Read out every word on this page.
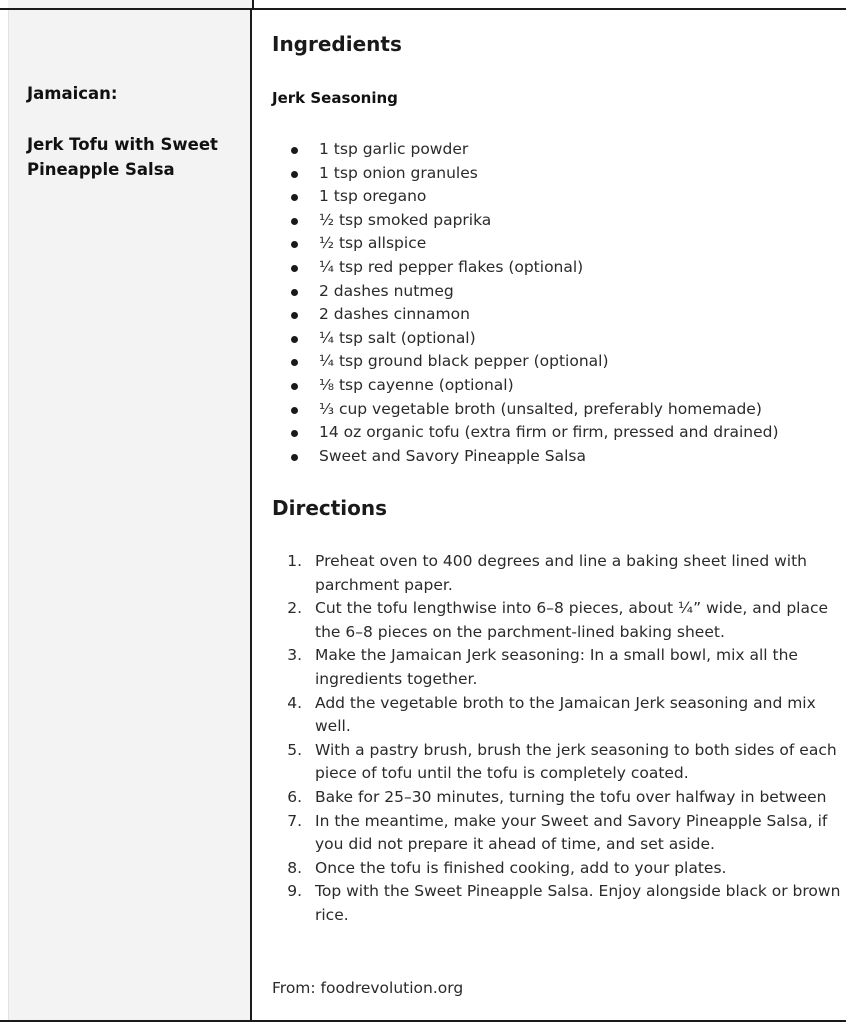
Jamaican:
Jerk Tofu with Sweet Pineapple Salsa
Ingredients
Jerk Seasoning
1 tsp garlic powder
1 tsp onion granules
1 tsp oregano
½ tsp smoked paprika
½ tsp allspice
¼ tsp red pepper flakes (optional)
2 dashes nutmeg
2 dashes cinnamon
¼ tsp salt (optional)
¼ tsp ground black pepper (optional)
⅛ tsp cayenne (optional)
⅓ cup vegetable broth (unsalted, preferably homemade)
14 oz organic tofu (extra firm or firm, pressed and drained)
Sweet and Savory Pineapple Salsa
Directions
1. Preheat oven to 400 degrees and line a baking sheet lined with parchment paper.
2. Cut the tofu lengthwise into 6–8 pieces, about ¼” wide, and place the 6–8 pieces on the parchment-lined baking sheet.
3. Make the Jamaican Jerk seasoning: In a small bowl, mix all the ingredients together.
4. Add the vegetable broth to the Jamaican Jerk seasoning and mix well.
5. With a pastry brush, brush the jerk seasoning to both sides of each piece of tofu until the tofu is completely coated.
6. Bake for 25–30 minutes, turning the tofu over halfway in between
7. In the meantime, make your Sweet and Savory Pineapple Salsa, if you did not prepare it ahead of time, and set aside.
8. Once the tofu is finished cooking, add to your plates.
9. Top with the Sweet Pineapple Salsa. Enjoy alongside black or brown rice.
From: foodrevolution.org
